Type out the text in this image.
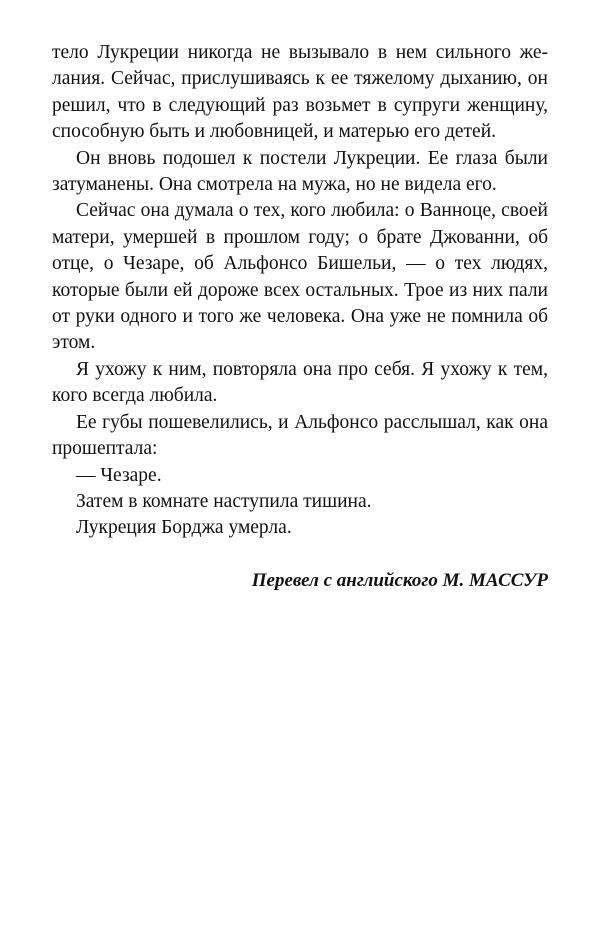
тело Лукреции никогда не вызывало в нем сильного желания. Сейчас, прислушиваясь к ее тяжелому дыханию, он решил, что в следующий раз возьмет в супруги женщину, способную быть и любовницей, и матерью его детей.

Он вновь подошел к постели Лукреции. Ее глаза были затуманены. Она смотрела на мужа, но не видела его.

Сейчас она думала о тех, кого любила: о Ванноце, своей матери, умершей в прошлом году; о брате Джованни, об отце, о Чезаре, об Альфонсо Бишельи, — о тех людях, которые были ей дороже всех остальных. Трое из них пали от руки одного и того же человека. Она уже не помнила об этом.

Я ухожу к ним, повторяла она про себя. Я ухожу к тем, кого всегда любила.

Ее губы пошевелились, и Альфонсо расслышал, как она прошептала:

— Чезаре.

Затем в комнате наступила тишина.

Лукреция Борджа умерла.

Перевел с английского М. МАССУР
